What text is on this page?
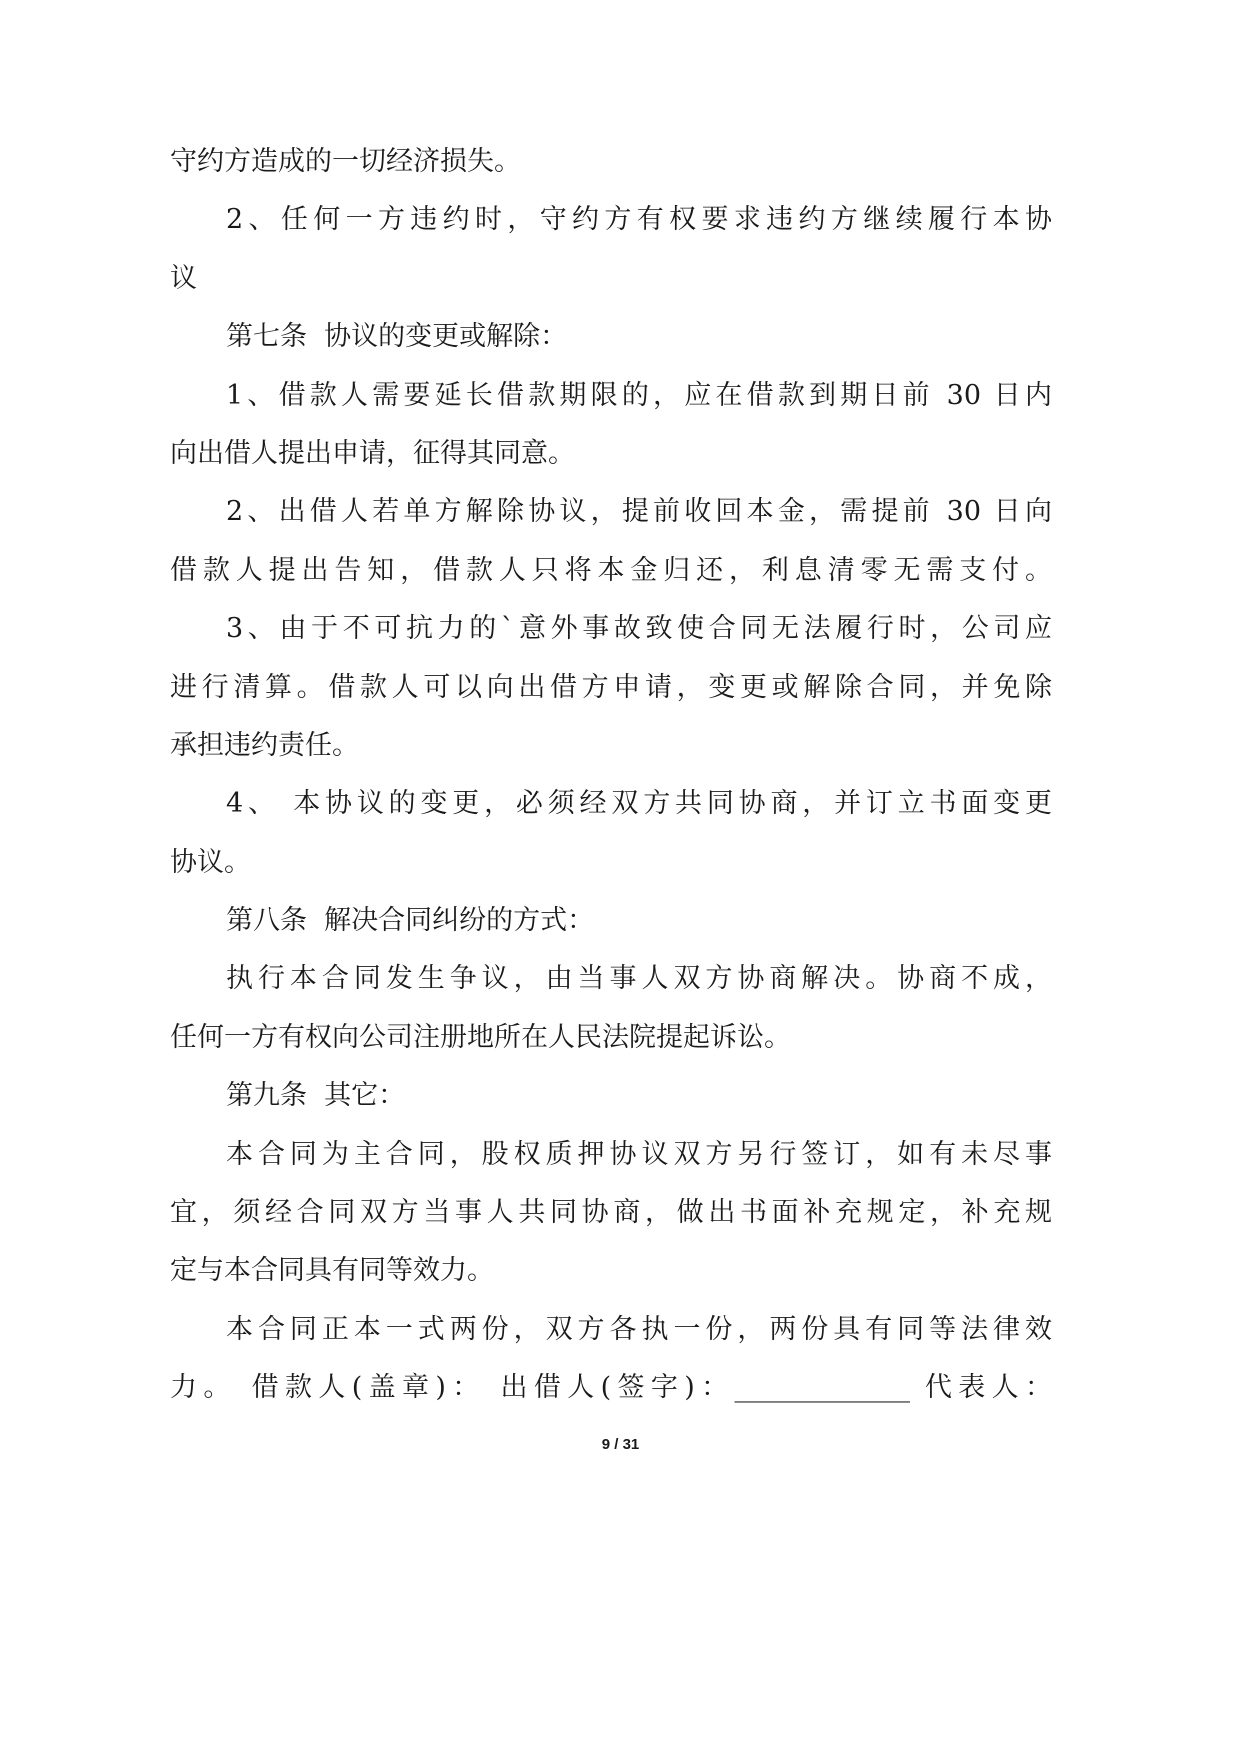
守约方造成的一切经济损失。
2、任何一方违约时，守约方有权要求违约方继续履行本协
议
第七条  协议的变更或解除：
1、借款人需要延长借款期限的，应在借款到期日前 30 日内
向出借人提出申请，征得其同意。
2、出借人若单方解除协议，提前收回本金，需提前 30 日向
借款人提出告知，借款人只将本金归还，利息清零无需支付。
3、由于不可抗力的`意外事故致使合同无法履行时，公司应
进行清算。借款人可以向出借方申请，变更或解除合同，并免除
承担违约责任。
4、 本协议的变更，必须经双方共同协商，并订立书面变更
协议。
第八条  解决合同纠纷的方式：
执行本合同发生争议，由当事人双方协商解决。协商不成，
任何一方有权向公司注册地所在人民法院提起诉讼。
第九条  其它：
本合同为主合同，股权质押协议双方另行签订，如有未尽事
宜，须经合同双方当事人共同协商，做出书面补充规定，补充规
定与本合同具有同等效力。
本合同正本一式两份，双方各执一份，两份具有同等法律效
力。 借款人(盖章)： 出借人(签字)：_____________ 代表人：
9 / 31
